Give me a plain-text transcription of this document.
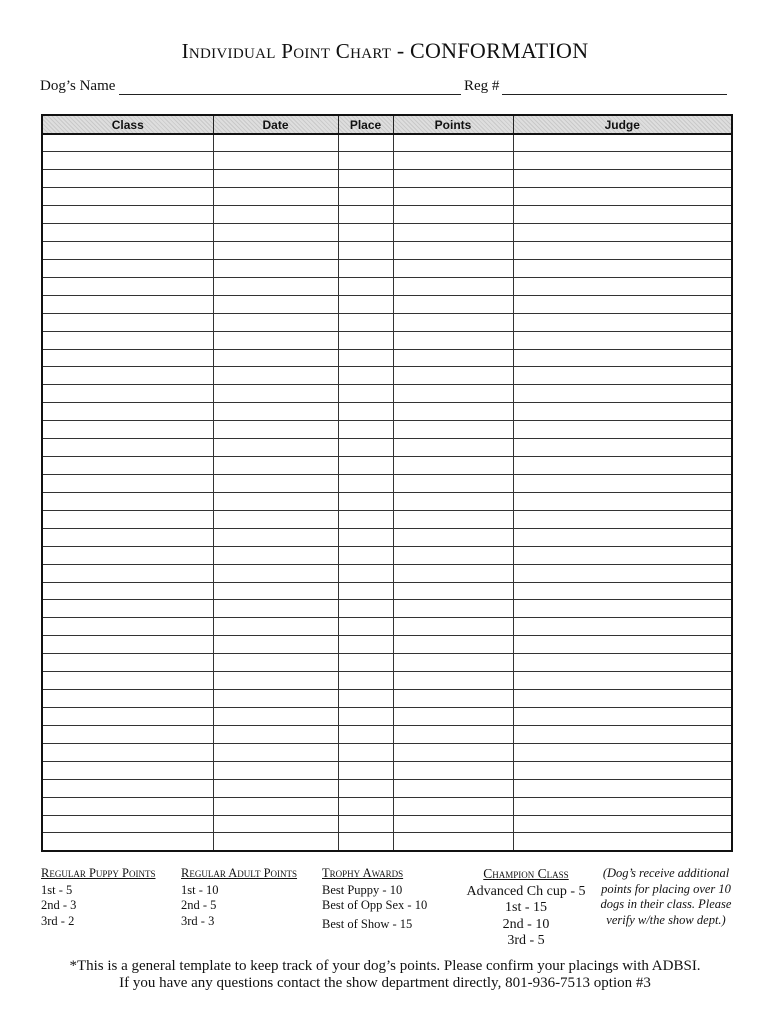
Individual Point Chart - CONFORMATION
Dog’s Name	Reg #
Class	Date	Place	Points	Judge

Regular Puppy Points
1st - 5
2nd - 3
3rd - 2
Regular Adult Points
1st - 10
2nd - 5
3rd - 3
Trophy Awards
Best Puppy - 10
Best of Opp Sex - 10
Best of Show - 15
Champion Class
Advanced Ch cup - 5
1st - 15
2nd - 10
3rd - 5
(Dog’s receive additional points for placing over 10 dogs in their class. Please verify w/the show dept.)
*This is a general template to keep track of your dog’s points. Please confirm your placings with ADBSI.
If you have any questions contact the show department directly, 801-936-7513 option #3
